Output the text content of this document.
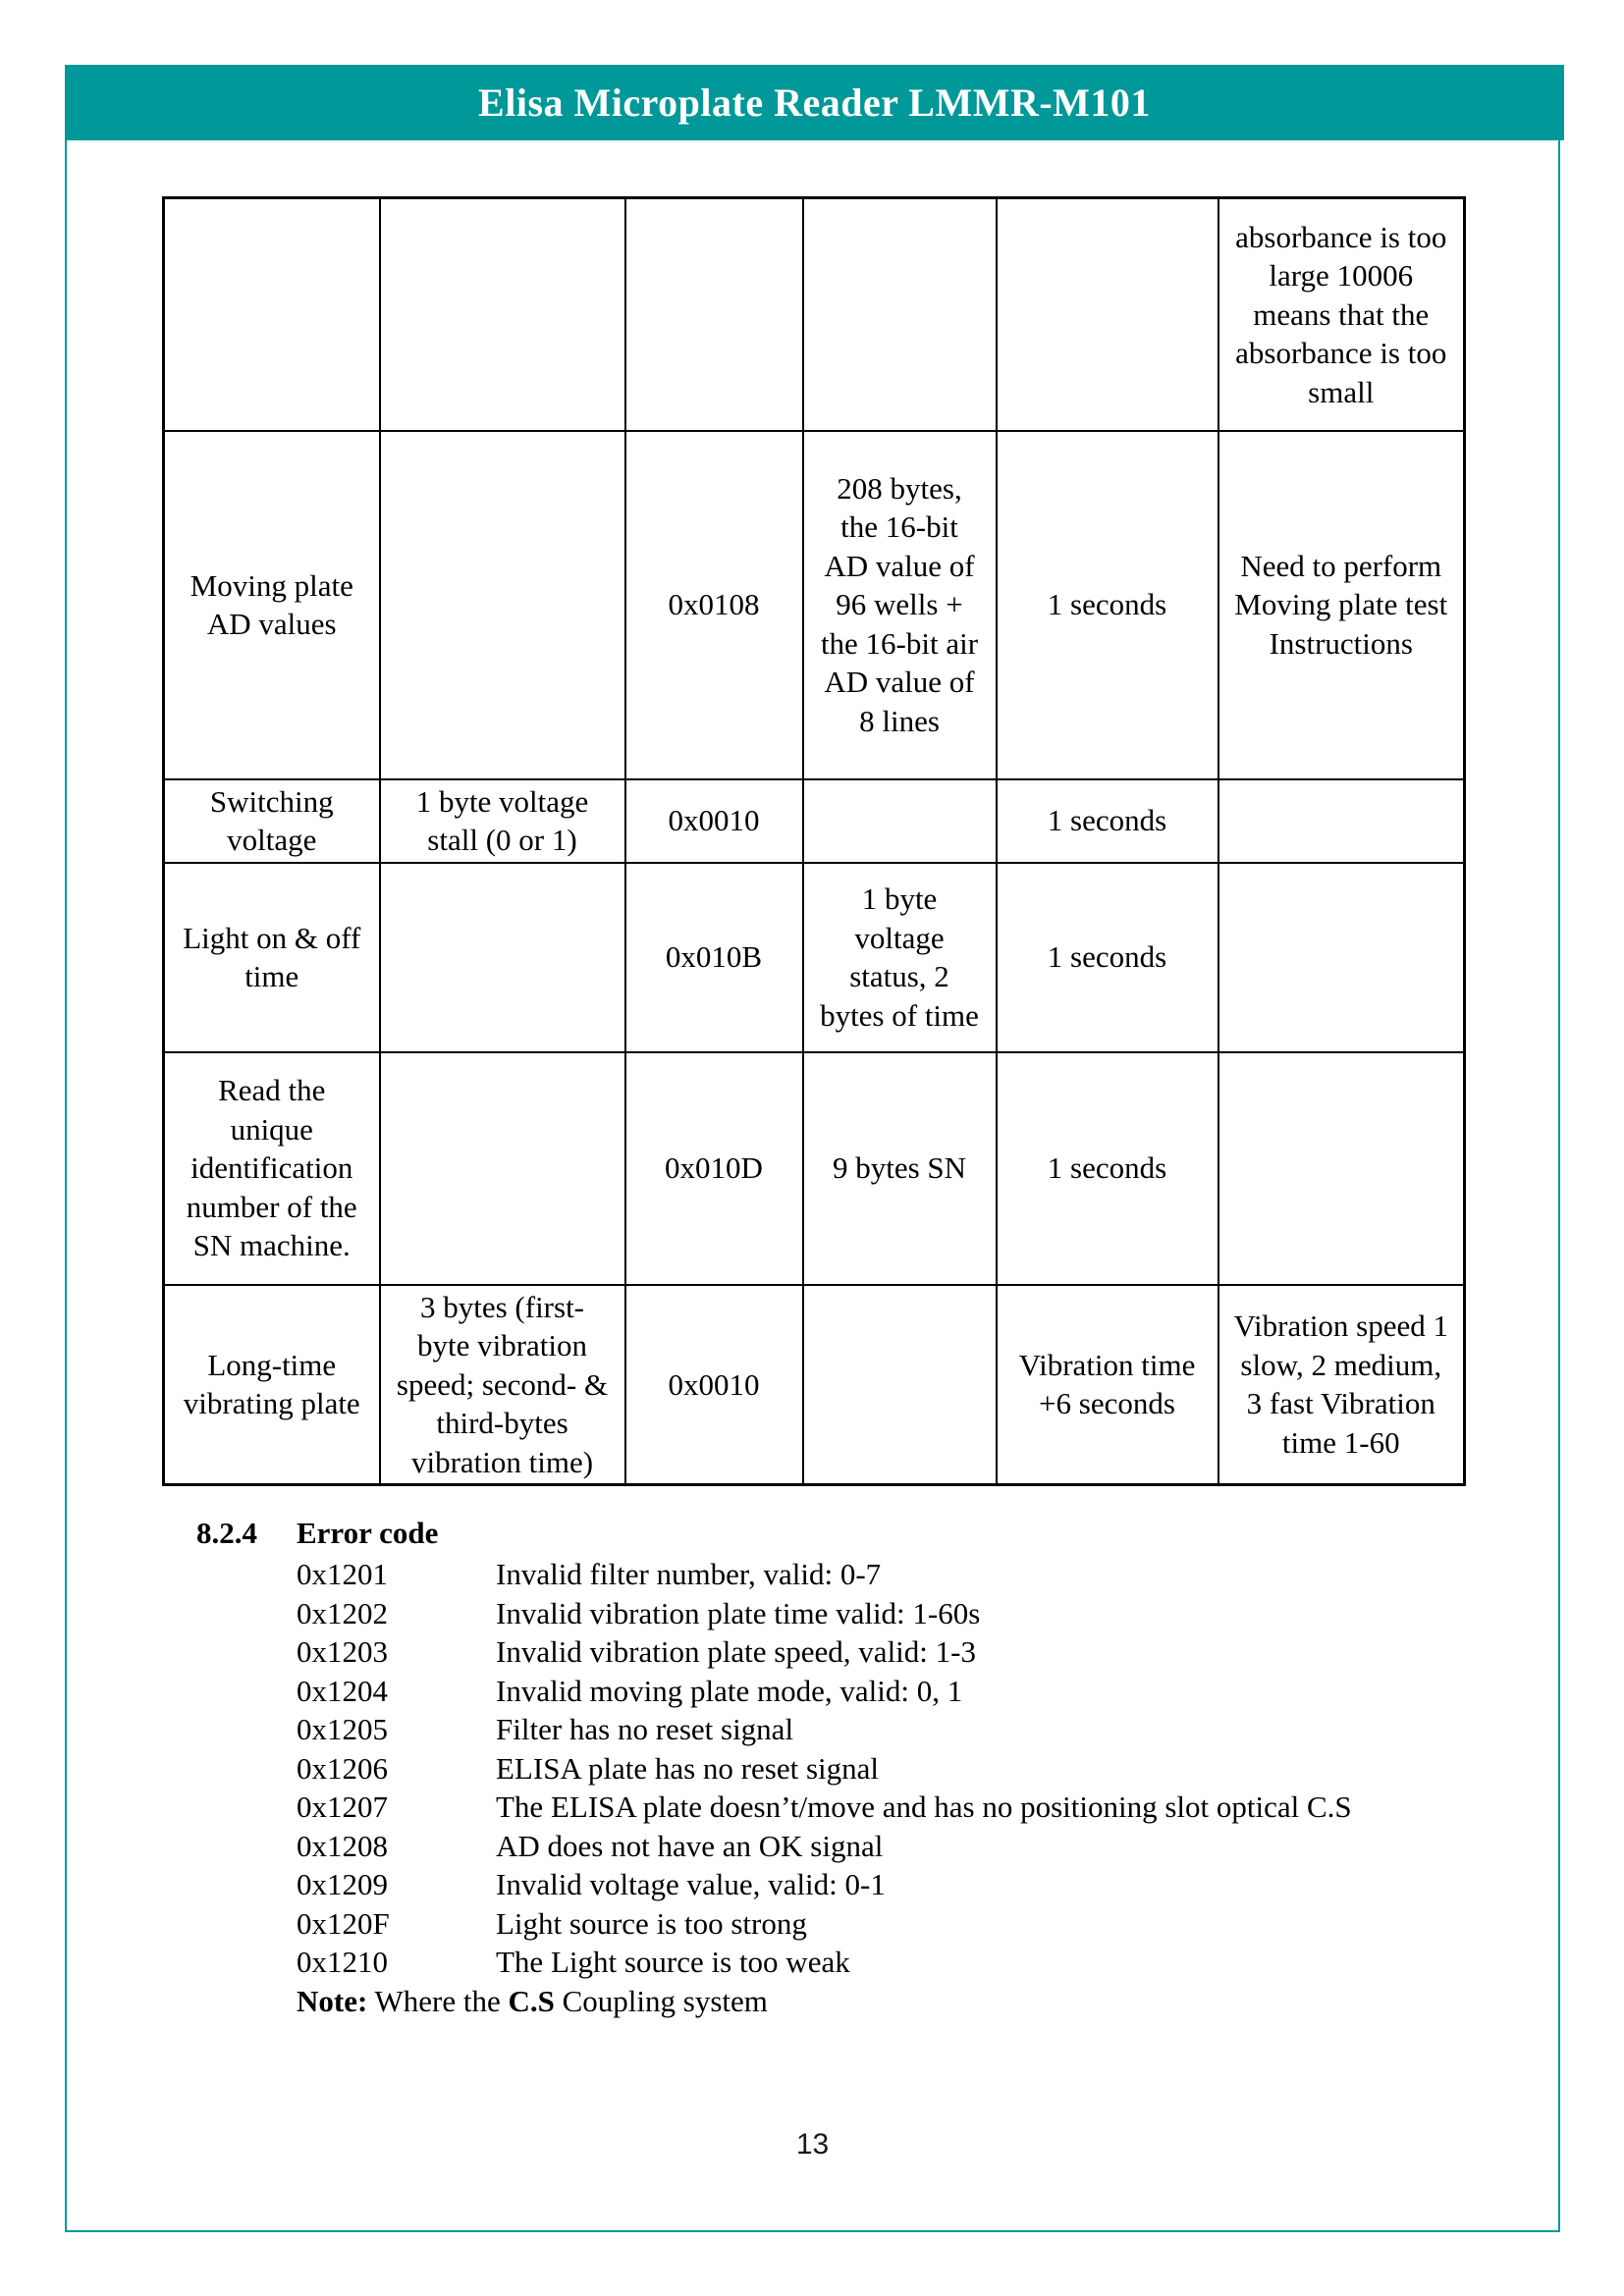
Elisa Microplate Reader LMMR-M101
					absorbance is too large 10006 means that the absorbance is too small
Moving plate AD values		0x0108	208 bytes, the 16-bit AD value of 96 wells + the 16-bit air AD value of 8 lines	1 seconds	Need to perform Moving plate test Instructions
Switching voltage	1 byte voltage stall (0 or 1)	0x0010		1 seconds	
Light on & off time		0x010B	1 byte voltage status, 2 bytes of time	1 seconds	
Read the unique identification number of the SN machine.		0x010D	9 bytes SN	1 seconds	
Long-time vibrating plate	3 bytes (first-byte vibration speed; second- & third-bytes vibration time)	0x0010		Vibration time +6 seconds	Vibration speed 1 slow, 2 medium, 3 fast Vibration time 1-60
8.2.4 Error code
0x1201	Invalid filter number, valid: 0-7
0x1202	Invalid vibration plate time valid: 1-60s
0x1203	Invalid vibration plate speed, valid: 1-3
0x1204	Invalid moving plate mode, valid: 0, 1
0x1205	Filter has no reset signal
0x1206	ELISA plate has no reset signal
0x1207	The ELISA plate doesn’t/move and has no positioning slot optical C.S
0x1208	AD does not have an OK signal
0x1209	Invalid voltage value, valid: 0-1
0x120F	Light source is too strong
0x1210	The Light source is too weak
Note: Where the C.S Coupling system
13
